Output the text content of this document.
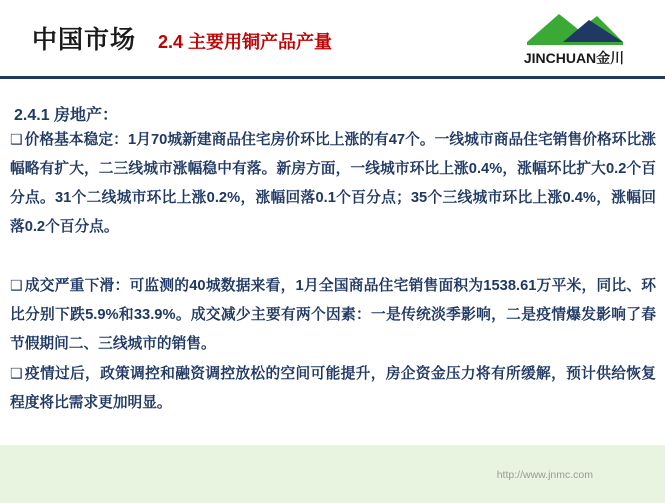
中国市场 2.4 主要用铜产品产量
JINCHUAN金川
2.4.1 房地产：
❑ 价格基本稳定：1月70城新建商品住宅房价环比上涨的有47个。一线城市商品住宅销售价格环比涨幅略有扩大，二三线城市涨幅稳中有落。新房方面，一线城市环比上涨0.4%，涨幅环比扩大0.2个百分点。31个二线城市环比上涨0.2%，涨幅回落0.1个百分点；35个三线城市环比上涨0.4%，涨幅回落0.2个百分点。
❑ 成交严重下滑：可监测的40城数据来看，1月全国商品住宅销售面积为1538.61万平米，同比、环比分别下跌5.9%和33.9%。成交减少主要有两个因素：一是传统淡季影响，二是疫情爆发影响了春节假期间二、三线城市的销售。
❑ 疫情过后，政策调控和融资调控放松的空间可能提升，房企资金压力将有所缓解，预计供给恢复程度将比需求更加明显。
http://www.jnmc.com
